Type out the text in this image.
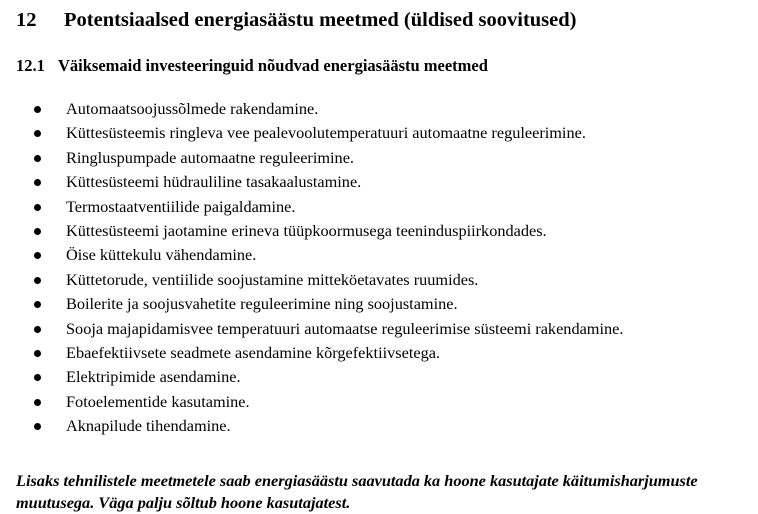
12 Potentsiaalsed energiasäästu meetmed (üldised soovitused)
12.1 Väiksemaid investeeringuid nõudvad energiasäästu meetmed
Automaatsoojussõlmede rakendamine.
Küttesüsteemis ringleva vee pealevoolutemperatuuri automaatne reguleerimine.
Ringluspumpade automaatne reguleerimine.
Küttesüsteemi hüdrauliline tasakaalustamine.
Termostaatventiilide paigaldamine.
Küttesüsteemi jaotamine erineva tüüpkoormusega teeninduspiirkondades.
Öise küttekulu vähendamine.
Küttetorude, ventiilide soojustamine mitteköetavates ruumides.
Boilerite ja soojusvahetite reguleerimine ning soojustamine.
Sooja majapidamisvee temperatuuri automaatse reguleerimise süsteemi rakendamine.
Ebaefektiivsete seadmete asendamine kõrgefektiivsetega.
Elektripimide asendamine.
Fotoelementide kasutamine.
Aknapilude tihendamine.

Lisaks tehnilistele meetmetele saab energiasäästu saavutada ka hoone kasutajate käitumisharjumuste muutusega. Väga palju sõltub hoone kasutajatest.
